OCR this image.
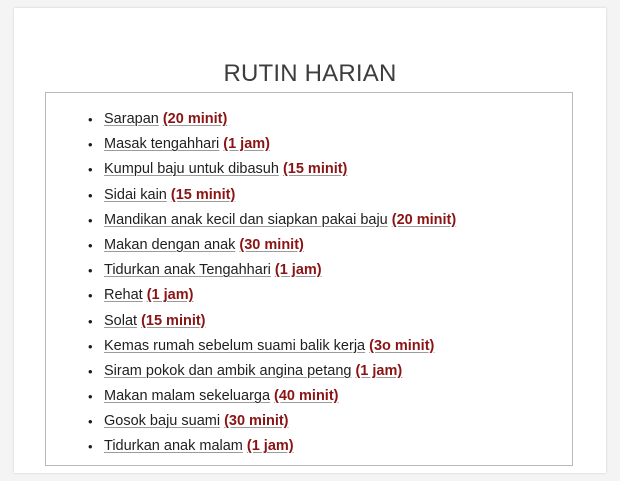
RUTIN HARIAN
• Sarapan (20 minit)
• Masak tengahhari (1 jam)
• Kumpul baju untuk dibasuh (15 minit)
• Sidai kain (15 minit)
• Mandikan anak kecil dan siapkan pakai baju (20 minit)
• Makan dengan anak (30 minit)
• Tidurkan anak Tengahhari (1 jam)
• Rehat (1 jam)
• Solat (15 minit)
• Kemas rumah sebelum suami balik kerja (3o minit)
• Siram pokok dan ambik angina petang (1 jam)
• Makan malam sekeluarga (40 minit)
• Gosok baju suami (30 minit)
• Tidurkan anak malam (1 jam)
